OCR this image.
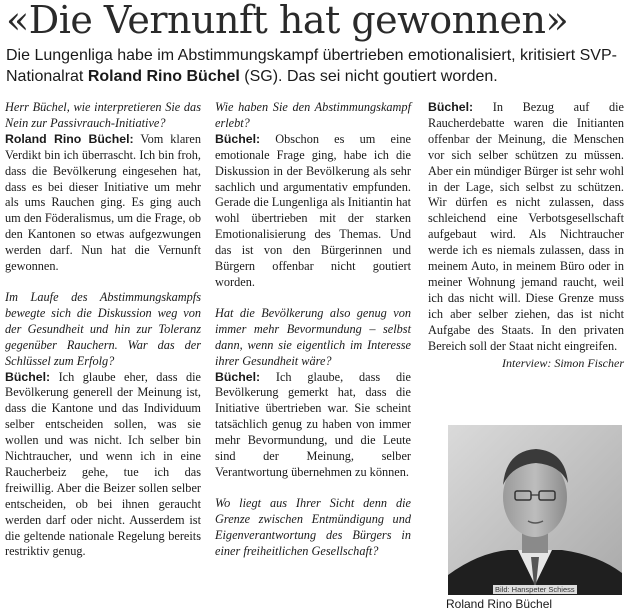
«Die Vernunft hat gewonnen»
Die Lungenliga habe im Abstimmungskampf übertrieben emotionalisiert, kritisiert SVP-Nationalrat Roland Rino Büchel (SG). Das sei nicht goutiert worden.

Herr Büchel, wie interpretieren Sie das Nein zur Passivrauch-Initiative?

Roland Rino Büchel: Vom klaren Verdikt bin ich überrascht. Ich bin froh, dass die Bevölkerung eingesehen hat, dass es bei dieser Initiative um mehr als ums Rauchen ging. Es ging auch um den Föderalismus, um die Frage, ob den Kantonen so etwas aufgezwungen werden darf. Nun hat die Vernunft gewonnen.

Im Laufe des Abstimmungskampfs bewegte sich die Diskussion weg von der Gesundheit und hin zur Toleranz gegenüber Rauchern. War das der Schlüssel zum Erfolg?

Büchel: Ich glaube eher, dass die Bevölkerung generell der Meinung ist, dass die Kantone und das Individuum selber entscheiden sollen, was sie wollen und was nicht. Ich selber bin Nichtraucher, und wenn ich in eine Raucherbeiz gehe, tue ich das freiwillig. Aber die Beizer sollen selber entscheiden, ob bei ihnen geraucht werden darf oder nicht. Ausserdem ist die geltende nationale Regelung bereits restriktiv genug.

Wie haben Sie den Abstimmungskampf erlebt?

Büchel: Obschon es um eine emotionale Frage ging, habe ich die Diskussion in der Bevölkerung als sehr sachlich und argumentativ empfunden. Gerade die Lungenliga als Initiantin hat wohl übertrieben mit der starken Emotionalisierung des Themas. Und das ist von den Bürgerinnen und Bürgern offenbar nicht goutiert worden.

Hat die Bevölkerung also genug von immer mehr Bevormundung – selbst dann, wenn sie eigentlich im Interesse ihrer Gesundheit wäre?

Büchel: Ich glaube, dass die Bevölkerung gemerkt hat, dass die Initiative übertrieben war. Sie scheint tatsächlich genug zu haben von immer mehr Bevormundung, und die Leute sind der Meinung, selber Verantwortung übernehmen zu können.

Wo liegt aus Ihrer Sicht denn die Grenze zwischen Entmündigung und Eigenverantwortung des Bürgers in einer freiheitlichen Gesellschaft?

Büchel: In Bezug auf die Raucherdebatte waren die Initianten offenbar der Meinung, die Menschen vor sich selber schützen zu müssen. Aber ein mündiger Bürger ist sehr wohl in der Lage, sich selbst zu schützen. Wir dürfen es nicht zulassen, dass schleichend eine Verbotsgesellschaft aufgebaut wird. Als Nichtraucher werde ich es niemals zulassen, dass in meinem Auto, in meinem Büro oder in meiner Wohnung jemand raucht, weil ich das nicht will. Diese Grenze muss ich aber selber ziehen, das ist nicht Aufgabe des Staats. In den privaten Bereich soll der Staat nicht eingreifen.

Interview: Simon Fischer

Bild: Hanspeter Schiess
Roland Rino Büchel
